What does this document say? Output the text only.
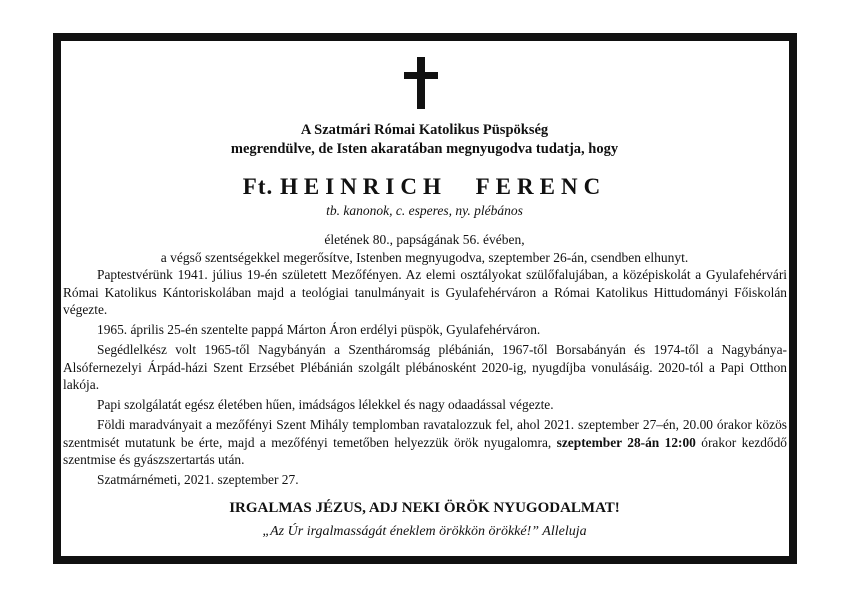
A Szatmári Római Katolikus Püspökség
megrendülve, de Isten akaratában megnyugodva tudatja, hogy
Ft. HEINRICH FERENC
tb. kanonok, c. esperes, ny. plébános
életének 80., papságának 56. évében,
a végső szentségekkel megerősítve, Istenben megnyugodva, szeptember 26-án, csendben elhunyt.

Paptestvérünk 1941. július 19-én született Mezőfényen. Az elemi osztályokat szülőfalujában, a középiskolát a Gyulafehérvári Római Katolikus Kántoriskolában majd a teológiai tanulmányait is Gyulafehérváron a Római Katolikus Hittudományi Főiskolán végezte.

1965. április 25-én szentelte pappá Márton Áron erdélyi püspök, Gyulafehérváron.

Segédlelkész volt 1965-től Nagybányán a Szentháromság plébánián, 1967-től Borsabányán és 1974-től a Nagybánya-Alsófernezelyi Árpád-házi Szent Erzsébet Plébánián szolgált plébánosként 2020-ig, nyugdíjba vonulásáig. 2020-tól a Papi Otthon lakója.

Papi szolgálatát egész életében hűen, imádságos lélekkel és nagy odaadással végezte.

Földi maradványait a mezőfényi Szent Mihály templomban ravatalozzuk fel, ahol 2021. szeptember 27–én, 20.00 órakor közös szentmisét mutatunk be érte, majd a mezőfényi temetőben helyezzük örök nyugalomra, szeptember 28-án 12:00 órakor kezdődő szentmise és gyászszertartás után.

Szatmárnémeti, 2021. szeptember 27.

IRGALMAS JÉZUS, ADJ NEKI ÖRÖK NYUGODALMAT!
„Az Úr irgalmasságát éneklem örökkön örökké!” Alleluja
